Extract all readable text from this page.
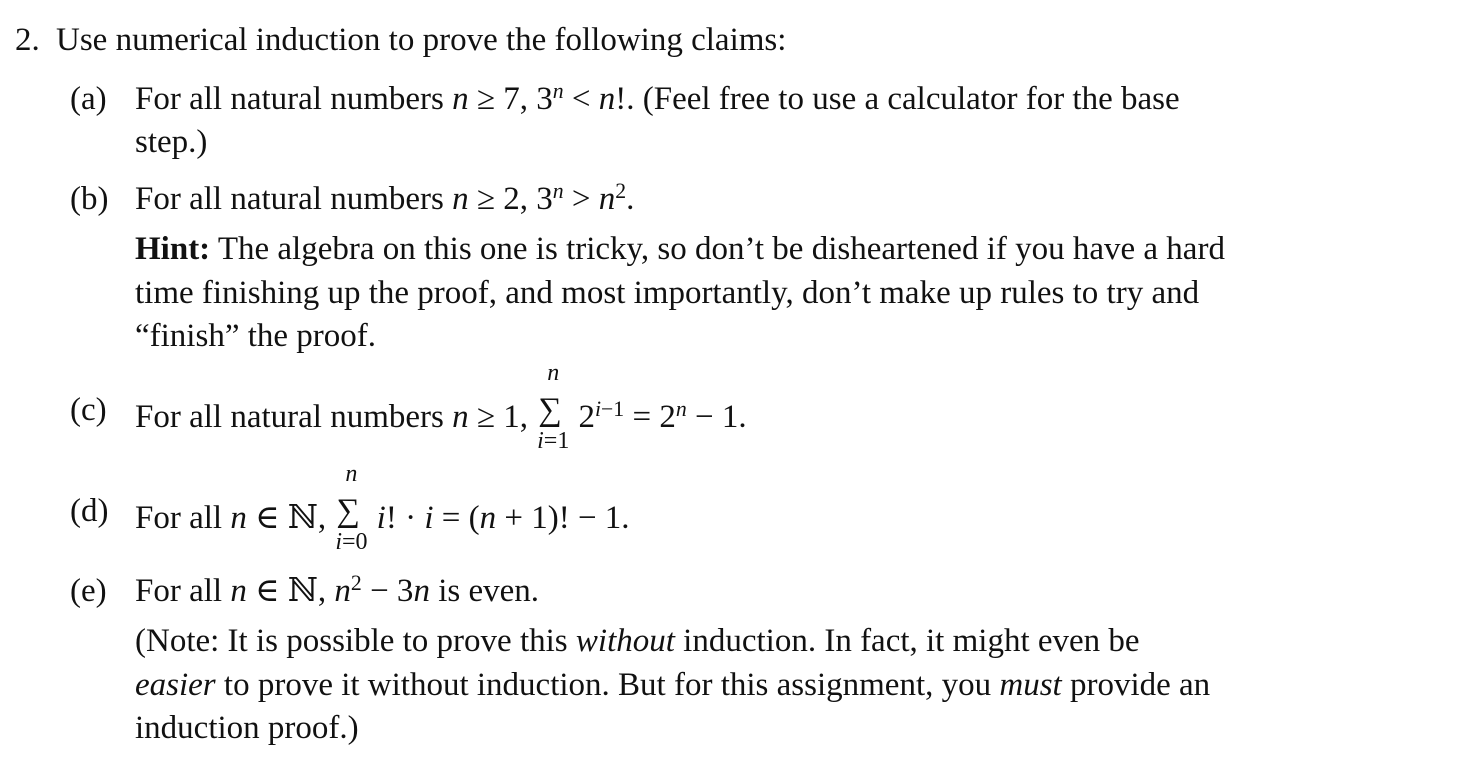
2. Use numerical induction to prove the following claims:
(a) For all natural numbers n ≥ 7, $3^n < n$!. (Feel free to use a calculator for the base
step.)
(b) For all natural numbers n ≥ 2, $3^n > n^2$.
Hint: The algebra on this one is tricky, so don’t be disheartened if you have a hard
time finishing up the proof, and most importantly, don’t make up rules to try and
“finish” the proof.
(c) For all natural numbers n ≥ 1, ∑
n
i=1
$2^{i-1} = 2^n - 1$.
(d) For all n ∈ ℕ, ∑
n
i=0
i! · i = (n + 1)! − 1.
(e) For all n ∈ ℕ, $n^2 - 3n$ is even.
(Note: It is possible to prove this without induction. In fact, it might even be
easier to prove it without induction. But for this assignment, you must provide an
induction proof.)
